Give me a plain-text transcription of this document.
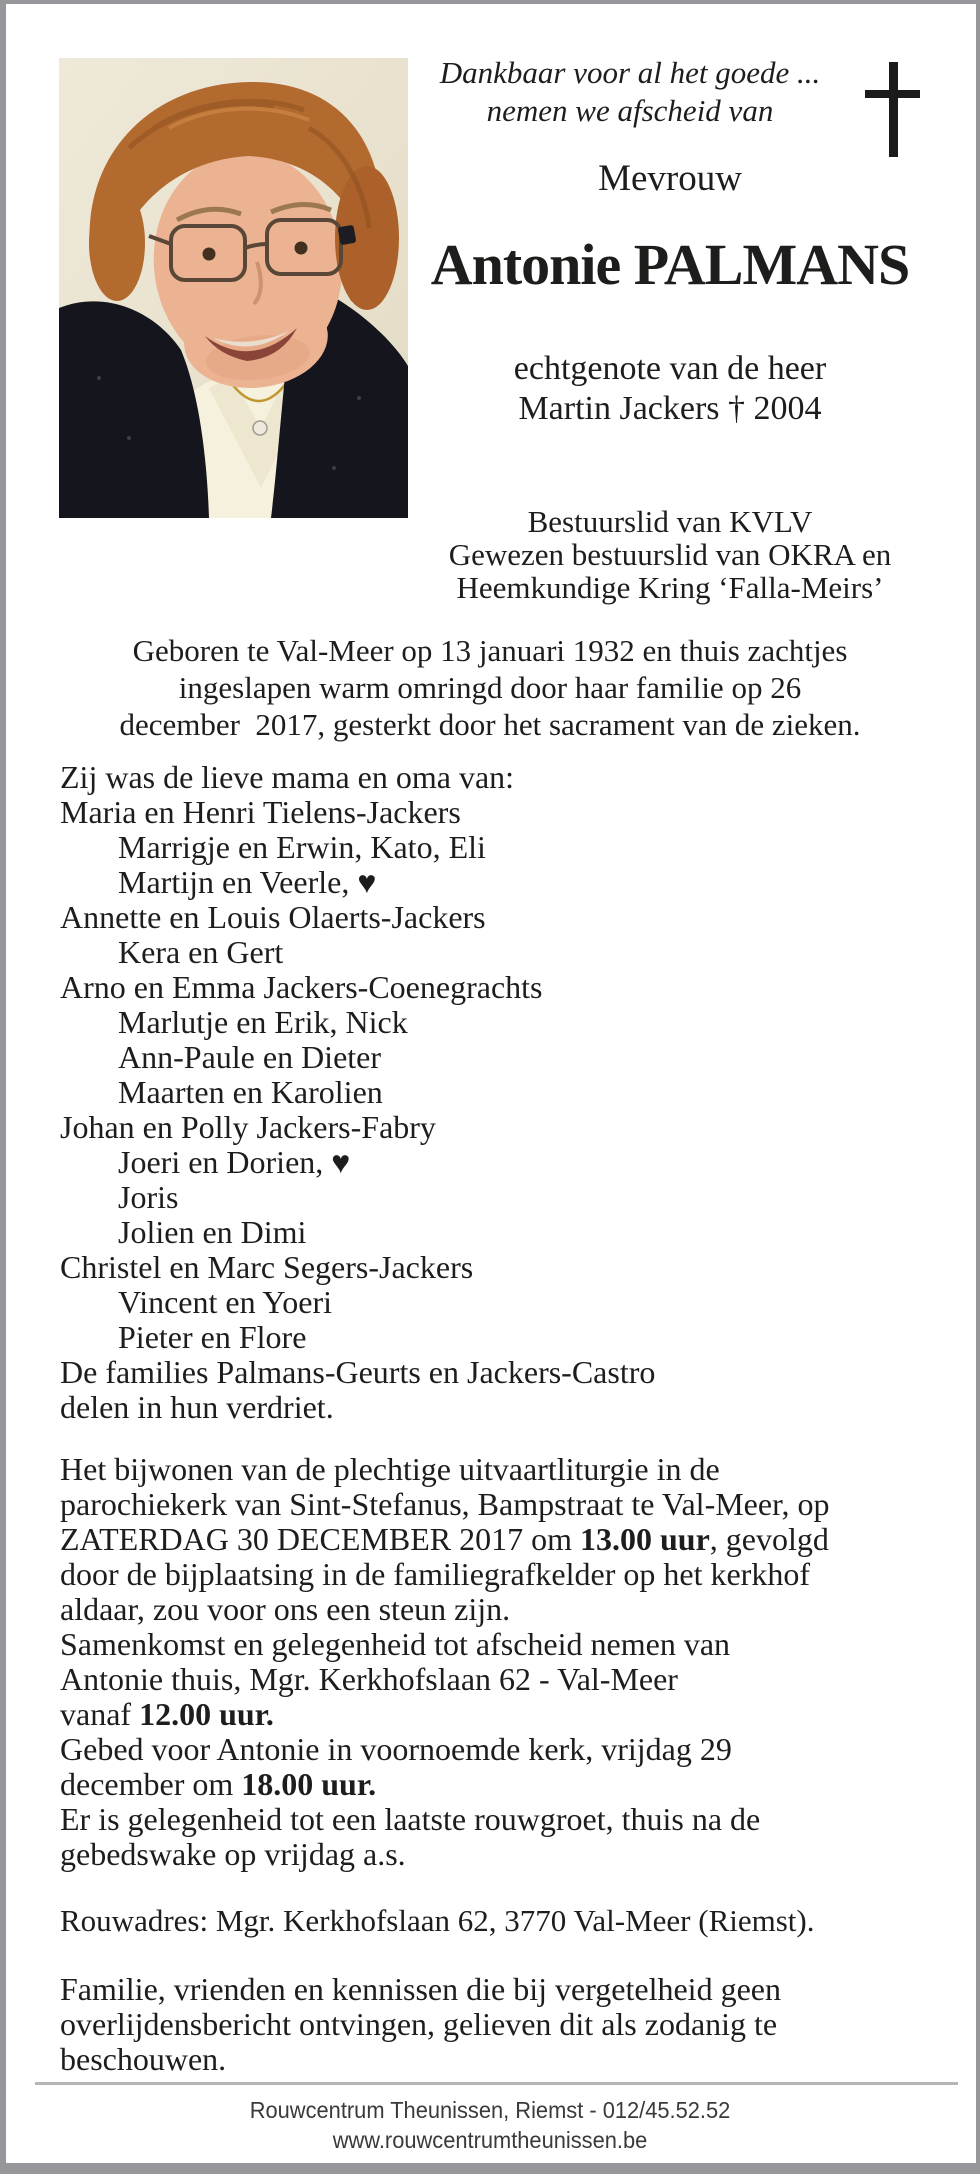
Dankbaar voor al het goede ...
nemen we afscheid van
Mevrouw
Antonie PALMANS
echtgenote van de heer
Martin Jackers † 2004
Bestuurslid van KVLV
Gewezen bestuurslid van OKRA en
Heemkundige Kring ‘Falla-Meirs’
Geboren te Val-Meer op 13 januari 1932 en thuis zachtjes
ingeslapen warm omringd door haar familie op 26
december  2017, gesterkt door het sacrament van de zieken.
Zij was de lieve mama en oma van:
Maria en Henri Tielens-Jackers
Marrigje en Erwin, Kato, Eli
Martijn en Veerle, ♥
Annette en Louis Olaerts-Jackers
Kera en Gert
Arno en Emma Jackers-Coenegrachts
Marlutje en Erik, Nick
Ann-Paule en Dieter
Maarten en Karolien
Johan en Polly Jackers-Fabry
Joeri en Dorien, ♥
Joris
Jolien en Dimi
Christel en Marc Segers-Jackers
Vincent en Yoeri
Pieter en Flore
De families Palmans-Geurts en Jackers-Castro
delen in hun verdriet.
Het bijwonen van de plechtige uitvaartliturgie in de
parochiekerk van Sint-Stefanus, Bampstraat te Val-Meer, op
ZATERDAG 30 DECEMBER 2017 om 13.00 uur, gevolgd
door de bijplaatsing in de familiegrafkelder op het kerkhof
aldaar, zou voor ons een steun zijn.
Samenkomst en gelegenheid tot afscheid nemen van
Antonie thuis, Mgr. Kerkhofslaan 62 - Val-Meer
vanaf 12.00 uur.
Gebed voor Antonie in voornoemde kerk, vrijdag 29
december om 18.00 uur.
Er is gelegenheid tot een laatste rouwgroet, thuis na de
gebedswake op vrijdag a.s.
Rouwadres: Mgr. Kerkhofslaan 62, 3770 Val-Meer (Riemst).
Familie, vrienden en kennissen die bij vergetelheid geen
overlijdensbericht ontvingen, gelieven dit als zodanig te
beschouwen.
Rouwcentrum Theunissen, Riemst - 012/45.52.52
www.rouwcentrumtheunissen.be
